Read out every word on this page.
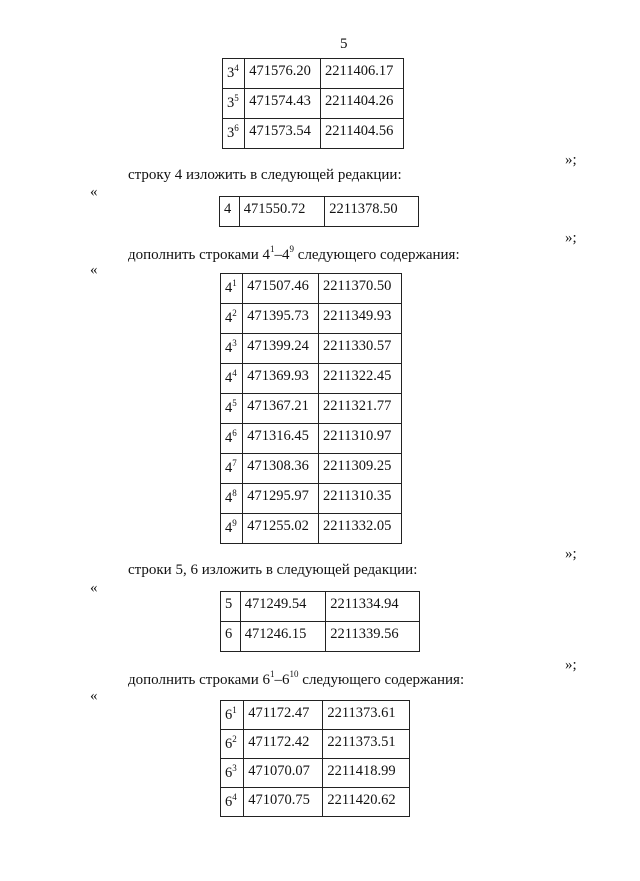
5
$3^4$	471576.20	2211406.17
$3^5$	471574.43	2211404.26
$3^6$	471573.54	2211404.56
»;
строку 4 изложить в следующей редакции:
«
4	471550.72	2211378.50
»;
дополнить строками $4^1-4^9$ следующего содержания:
«
$4^1$	471507.46	2211370.50
$4^2$	471395.73	2211349.93
$4^3$	471399.24	2211330.57
$4^4$	471369.93	2211322.45
$4^5$	471367.21	2211321.77
$4^6$	471316.45	2211310.97
$4^7$	471308.36	2211309.25
$4^8$	471295.97	2211310.35
$4^9$	471255.02	2211332.05
»;
строки 5, 6 изложить в следующей редакции:
«
5	471249.54	2211334.94
6	471246.15	2211339.56
»;
дополнить строками $6^1-6^{10}$ следующего содержания:
«
$6^1$	471172.47	2211373.61
$6^2$	471172.42	2211373.51
$6^3$	471070.07	2211418.99
$6^4$	471070.75	2211420.62
